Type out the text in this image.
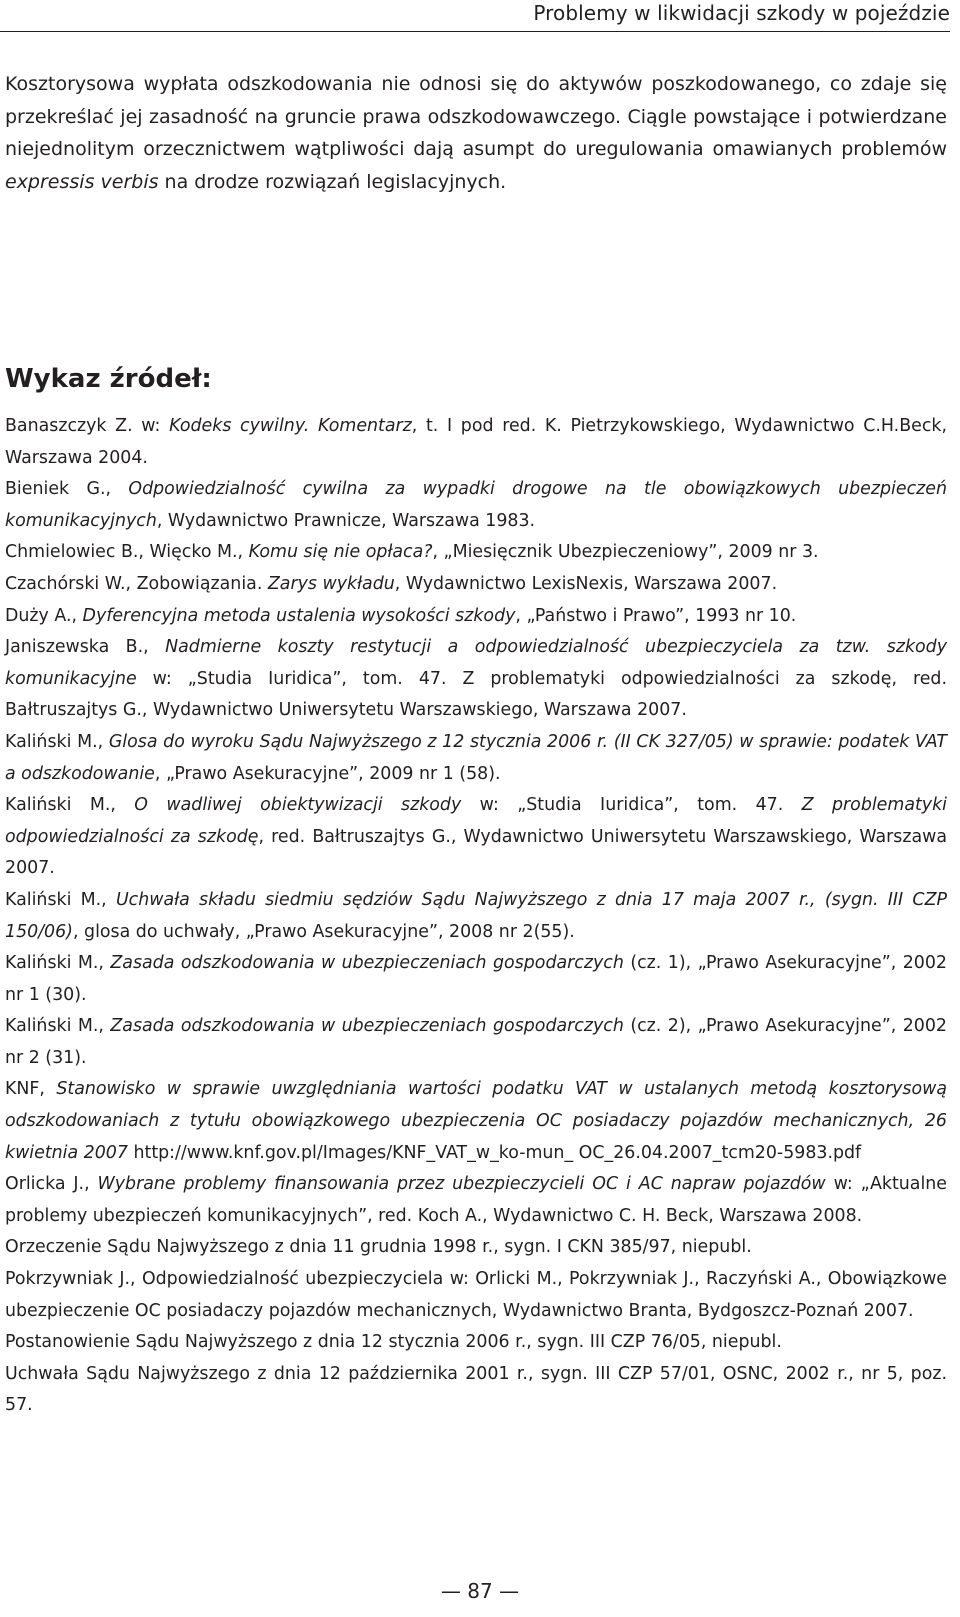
Problemy w likwidacji szkody w pojeździe

Kosztorysowa wypłata odszkodowania nie odnosi się do aktywów poszkodowanego, co zdaje się przekreślać jej zasadność na gruncie prawa odszkodowawczego. Ciągle powstające i potwierdzane niejednolitym orzecznictwem wątpliwości dają asumpt do uregulowania omawianych problemów expressis verbis na drodze rozwiązań legislacyjnych.

Wykaz źródeł:

Banaszczyk Z. w: Kodeks cywilny. Komentarz, t. I pod red. K. Pietrzykowskiego, Wydawnictwo C.H.Beck, Warszawa 2004.

Bieniek G., Odpowiedzialność cywilna za wypadki drogowe na tle obowiązkowych ubezpieczeń komunikacyjnych, Wydawnictwo Prawnicze, Warszawa 1983.

Chmielowiec B., Więcko M., Komu się nie opłaca?, „Miesięcznik Ubezpieczeniowy”, 2009 nr 3.

Czachórski W., Zobowiązania. Zarys wykładu, Wydawnictwo LexisNexis, Warszawa 2007.

Duży A., Dyferencyjna metoda ustalenia wysokości szkody, „Państwo i Prawo”, 1993 nr 10.

Janiszewska B., Nadmierne koszty restytucji a odpowiedzialność ubezpieczyciela za tzw. szkody komunikacyjne w: „Studia Iuridica”, tom. 47. Z problematyki odpowiedzialności za szkodę, red. Bałtruszajtys G., Wydawnictwo Uniwersytetu Warszawskiego, Warszawa 2007.

Kaliński M., Glosa do wyroku Sądu Najwyższego z 12 stycznia 2006 r. (II CK 327/05) w sprawie: podatek VAT a odszkodowanie, „Prawo Asekuracyjne”, 2009 nr 1 (58).

Kaliński M., O wadliwej obiektywizacji szkody w: „Studia Iuridica”, tom. 47. Z problematyki odpowiedzialności za szkodę, red. Bałtruszajtys G., Wydawnictwo Uniwersytetu Warszawskiego, Warszawa 2007.

Kaliński M., Uchwała składu siedmiu sędziów Sądu Najwyższego z dnia 17 maja 2007 r., (sygn. III CZP 150/06), glosa do uchwały, „Prawo Asekuracyjne”, 2008 nr 2(55).

Kaliński M., Zasada odszkodowania w ubezpieczeniach gospodarczych (cz. 1), „Prawo Asekuracyjne”, 2002 nr 1 (30).

Kaliński M., Zasada odszkodowania w ubezpieczeniach gospodarczych (cz. 2), „Prawo Asekuracyjne”, 2002 nr 2 (31).

KNF, Stanowisko w sprawie uwzględniania wartości podatku VAT w ustalanych metodą kosztorysową odszkodowaniach z tytułu obowiązkowego ubezpieczenia OC posiadaczy pojazdów mechanicznych, 26 kwietnia 2007 http://www.knf.gov.pl/Images/KNF_VAT_w_ko-mun_ OC_26.04.2007_tcm20-5983.pdf

Orlicka J., Wybrane problemy finansowania przez ubezpieczycieli OC i AC napraw pojazdów w: „Aktualne problemy ubezpieczeń komunikacyjnych”, red. Koch A., Wydawnictwo C. H. Beck, Warszawa 2008.

Orzeczenie Sądu Najwyższego z dnia 11 grudnia 1998 r., sygn. I CKN 385/97, niepubl.

Pokrzywniak J., Odpowiedzialność ubezpieczyciela w: Orlicki M., Pokrzywniak J., Raczyński A., Obowiązkowe ubezpieczenie OC posiadaczy pojazdów mechanicznych, Wydawnictwo Branta, Bydgoszcz-Poznań 2007.

Postanowienie Sądu Najwyższego z dnia 12 stycznia 2006 r., sygn. III CZP 76/05, niepubl.

Uchwała Sądu Najwyższego z dnia 12 października 2001 r., sygn. III CZP 57/01, OSNC, 2002 r., nr 5, poz. 57.

— 87 —
